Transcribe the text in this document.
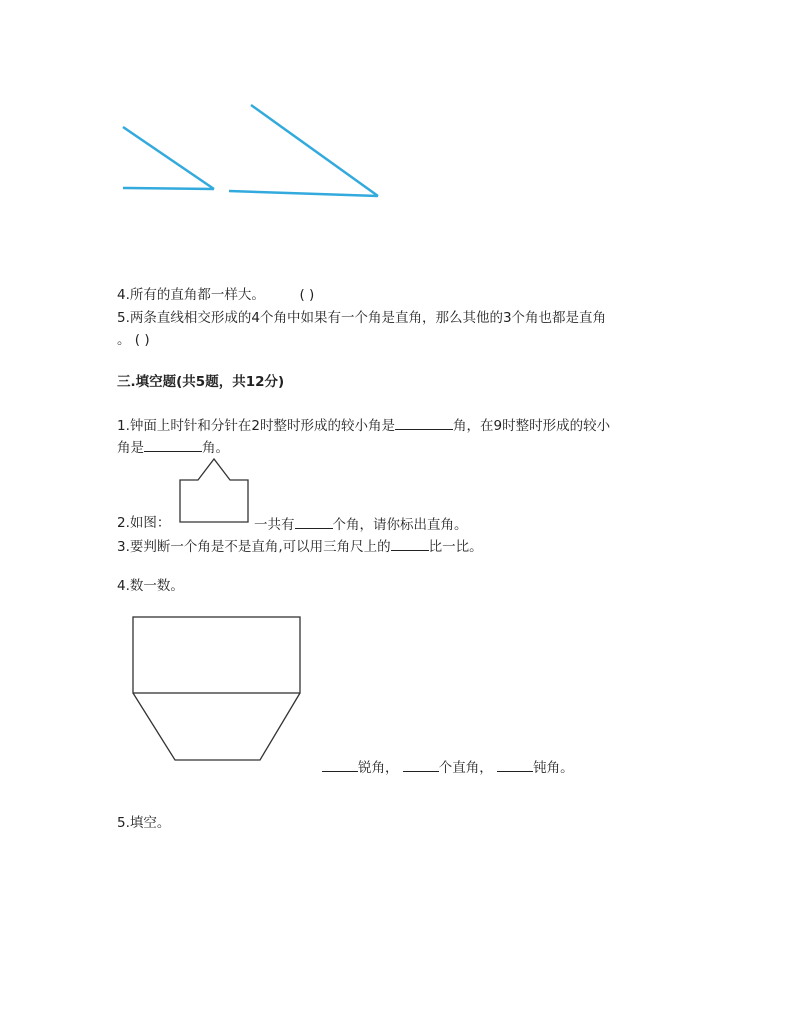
4.所有的直角都一样大。	( )
5.两条直线相交形成的4个角中如果有一个角是直角，那么其他的3个角也都是直角
。 ( )
三.填空题(共5题，共12分)
1.钟面上时针和分针在2时整时形成的较小角是	角，在9时整时形成的较小
角是	角。
2.如图：	一共有	个角，请你标出直角。
3.要判断一个角是不是直角,可以用三角尺上的	比一比。
4.数一数。
锐角，	个直角，	钝角。
5.填空。
